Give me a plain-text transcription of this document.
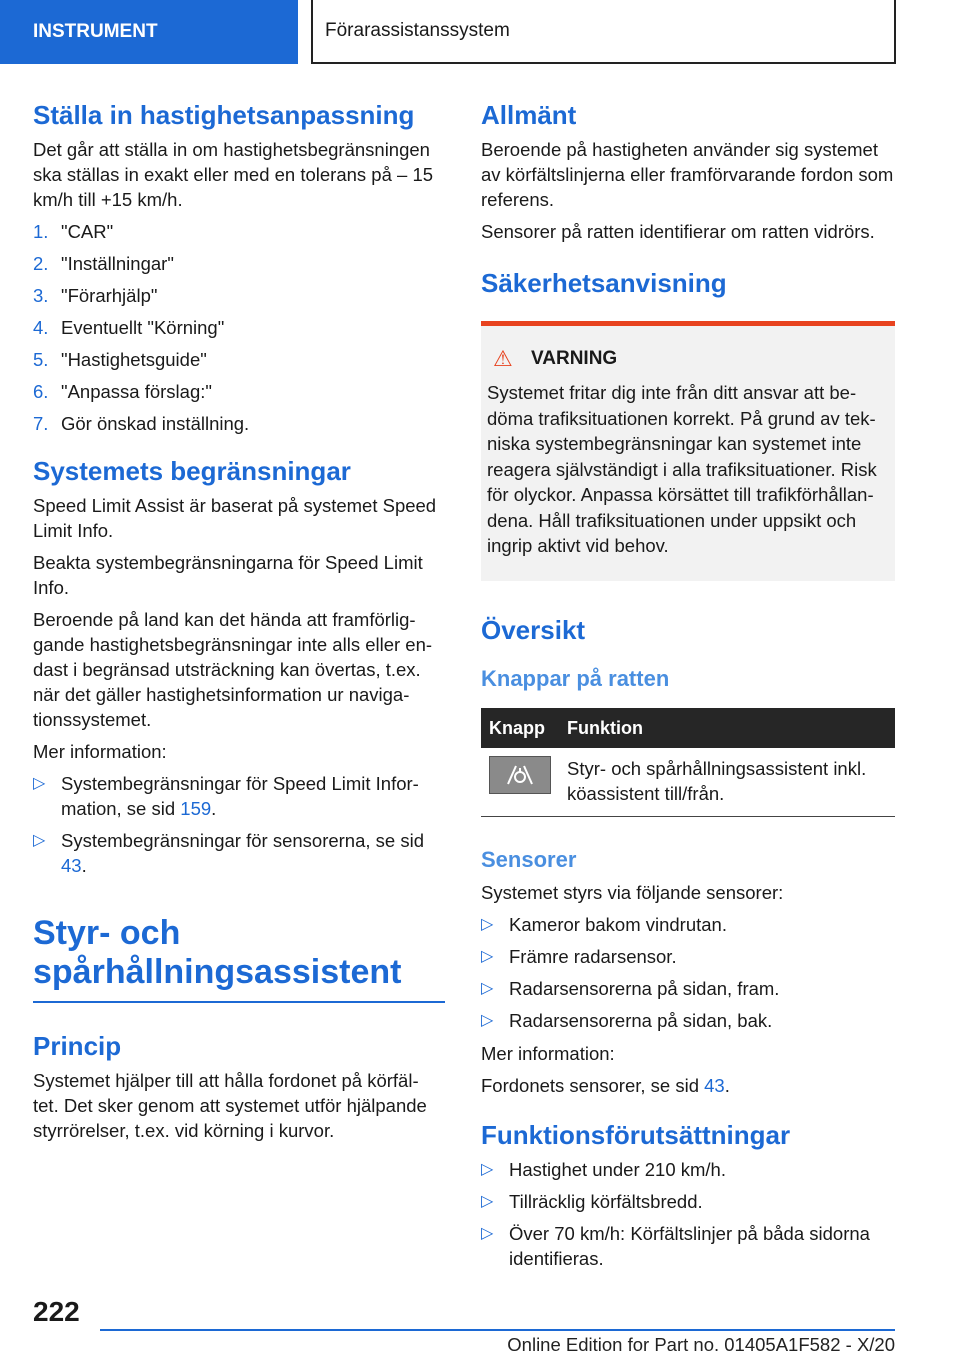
INSTRUMENT	Förarassistanssystem
Ställa in hastighetsanpassning

Det går att ställa in om hastighetsbegränsningen ska ställas in exakt eller med en tolerans på – 15 km/h till +15 km/h.

1. "CAR"
2. "Inställningar"
3. "Förarhjälp"
4. Eventuellt "Körning"
5. "Hastighetsguide"
6. "Anpassa förslag:"
7. Gör önskad inställning.
Systemets begränsningar

Speed Limit Assist är baserat på systemet Speed Limit Info.

Beakta systembegränsningarna för Speed Limit Info.

Beroende på land kan det hända att framförlig- gande hastighetsbegränsningar inte alls eller en- dast i begränsad utsträckning kan övertas, t.ex. när det gäller hastighetsinformation ur naviga- tionssystemet.

Mer information:

▷ Systembegränsningar för Speed Limit Infor- mation, se sid 159.
▷ Systembegränsningar för sensorerna, se sid 43.
Styr- och
spårhållningsassistent
Princip

Systemet hjälper till att hålla fordonet på körfäl- tet. Det sker genom att systemet utför hjälpande styrrörelser, t.ex. vid körning i kurvor.

Allmänt

Beroende på hastigheten använder sig systemet av körfältslinjerna eller framförvarande fordon som referens.

Sensorer på ratten identifierar om ratten vidrörs.

Säkerhetsanvisning
⚠ VARNING
Systemet fritar dig inte från ditt ansvar att be- döma trafiksituationen korrekt. På grund av tek- niska systembegränsningar kan systemet inte reagera självständigt i alla trafiksituationer. Risk för olyckor. Anpassa körsättet till trafikförhållan- dena. Håll trafiksituationen under uppsikt och ingrip aktivt vid behov.
Översikt
Knappar på ratten
Knapp	Funktion

	Styr- och spårhållningsassistent inkl. köassistent till/från.
Sensorer

Systemet styrs via följande sensorer:

▷ Kameror bakom vindrutan.
▷ Främre radarsensor.
▷ Radarsensorerna på sidan, fram.
▷ Radarsensorerna på sidan, bak.

Mer information:

Fordonets sensorer, se sid 43.

Funktionsförutsättningar
▷ Hastighet under 210 km/h.
▷ Tillräcklig körfältsbredd.
▷ Över 70 km/h: Körfältslinjer på båda sidorna identifieras.
222
Online Edition for Part no. 01405A1F582 - X/20
